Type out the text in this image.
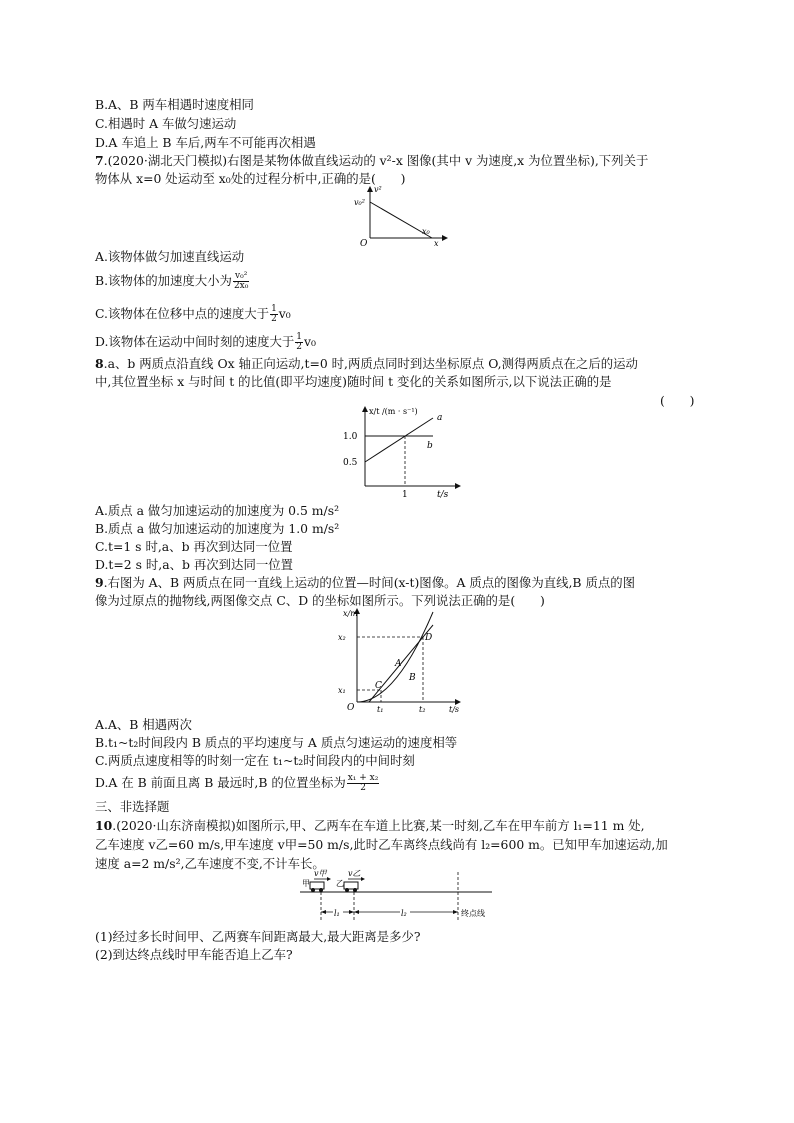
B.A、B 两车相遇时速度相同
C.相遇时 A 车做匀速运动
D.A 车追上 B 车后,两车不可能再次相遇
7.(2020·湖北天门模拟)右图是某物体做直线运动的 v²-x 图像(其中 v 为速度,x 为位置坐标),下列关于
物体从 x=0 处运动至 x₀处的过程分析中,正确的是(　　)
v²
v₀²
O
x₀
x
A.该物体做匀加速直线运动
B.该物体的加速度大小为 $\frac{\text{v₀²}}{\text{2x₀}}$
C.该物体在位移中点的速度大于 $\frac{1}{2} v_0$
D.该物体在运动中间时刻的速度大于 $\frac{1}{2} v_0$
8.a、b 两质点沿直线 Ox 轴正向运动,t=0 时,两质点同时到达坐标原点 O,测得两质点在之后的运动
中,其位置坐标 x 与时间 t 的比值(即平均速度)随时间 t 变化的关系如图所示,以下说法正确的是
(　　)
x/t /(m · s⁻¹)
1.0
0.5
1	t/s
a
b
A.质点 a 做匀加速运动的加速度为 0.5 m/s²
B.质点 a 做匀加速运动的加速度为 1.0 m/s²
C.t=1 s 时,a、b 再次到达同一位置
D.t=2 s 时,a、b 再次到达同一位置
9.右图为 A、B 两质点在同一直线上运动的位置—时间(x-t)图像。A 质点的图像为直线,B 质点的图
像为过原点的抛物线,两图像交点 C、D 的坐标如图所示。下列说法正确的是(　　)
x/m
x₂
x₁
O	t₁	t₂	t/s
C
D
A
B
A.A、B 相遇两次
B.t₁~t₂时间段内 B 质点的平均速度与 A 质点匀速运动的速度相等
C.两质点速度相等的时刻一定在 t₁~t₂时间段内的中间时刻
D.A 在 B 前面且离 B 最远时,B 的位置坐标为 $\frac{\text{x₁ + x₂}}{2}$
三、非选择题
10.(2020·山东济南模拟)如图所示,甲、乙两车在车道上比赛,某一时刻,乙车在甲车前方 l₁=11 m 处,
乙车速度 v乙=60 m/s,甲车速度 v甲=50 m/s,此时乙车离终点线尚有 l₂=600 m。已知甲车加速运动,加
速度 a=2 m/s²,乙车速度不变,不计车长。
甲
v甲
乙
v乙
l₁	l₂	终点线
(1)经过多长时间甲、乙两赛车间距离最大,最大距离是多少?
(2)到达终点线时甲车能否追上乙车?
